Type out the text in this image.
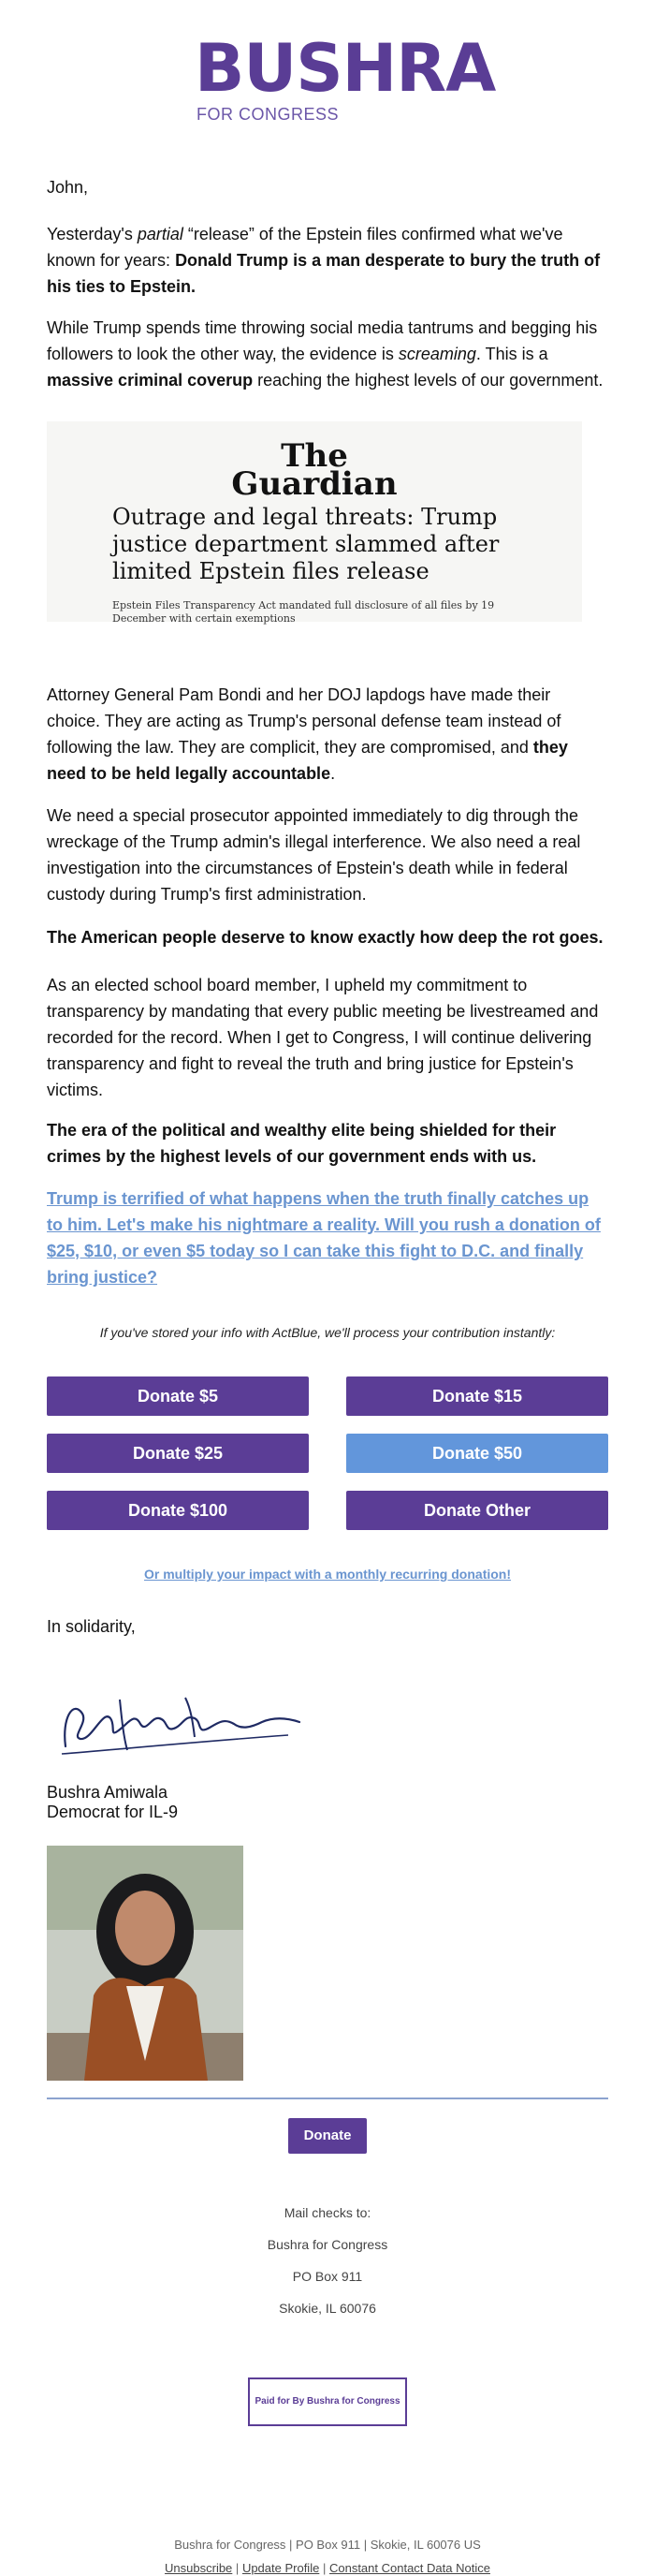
BUSHRA
FOR CONGRESS

John,

Yesterday's partial “release” of the Epstein files confirmed what we've known for years: Donald Trump is a man desperate to bury the truth of his ties to Epstein.

While Trump spends time throwing social media tantrums and begging his followers to look the other way, the evidence is screaming. This is a massive criminal coverup reaching the highest levels of our government.

The
Guardian
Outrage and legal threats: Trump justice department slammed after limited Epstein files release
Epstein Files Transparency Act mandated full disclosure of all files by 19 December with certain exemptions

Attorney General Pam Bondi and her DOJ lapdogs have made their choice. They are acting as Trump's personal defense team instead of following the law. They are complicit, they are compromised, and they need to be held legally accountable.

We need a special prosecutor appointed immediately to dig through the wreckage of the Trump admin's illegal interference. We also need a real investigation into the circumstances of Epstein's death while in federal custody during Trump's first administration.

The American people deserve to know exactly how deep the rot goes.

As an elected school board member, I upheld my commitment to transparency by mandating that every public meeting be livestreamed and recorded for the record. When I get to Congress, I will continue delivering transparency and fight to reveal the truth and bring justice for Epstein's victims.

The era of the political and wealthy elite being shielded for their crimes by the highest levels of our government ends with us.

Trump is terrified of what happens when the truth finally catches up to him. Let's make his nightmare a reality. Will you rush a donation of $25, $10, or even $5 today so I can take this fight to D.C. and finally bring justice?

If you've stored your info with ActBlue, we'll process your contribution instantly:
Donate $5	Donate $15
Donate $25	Donate $50
Donate $100	Donate Other
Or multiply your impact with a monthly recurring donation!

In solidarity,

Bushra Amiwala
Democrat for IL-9
Donate
Mail checks to:
Bushra for Congress
PO Box 911
Skokie, IL 60076
Paid for By Bushra for Congress
Bushra for Congress | PO Box 911 | Skokie, IL 60076 US
Unsubscribe | Update Profile | Constant Contact Data Notice
